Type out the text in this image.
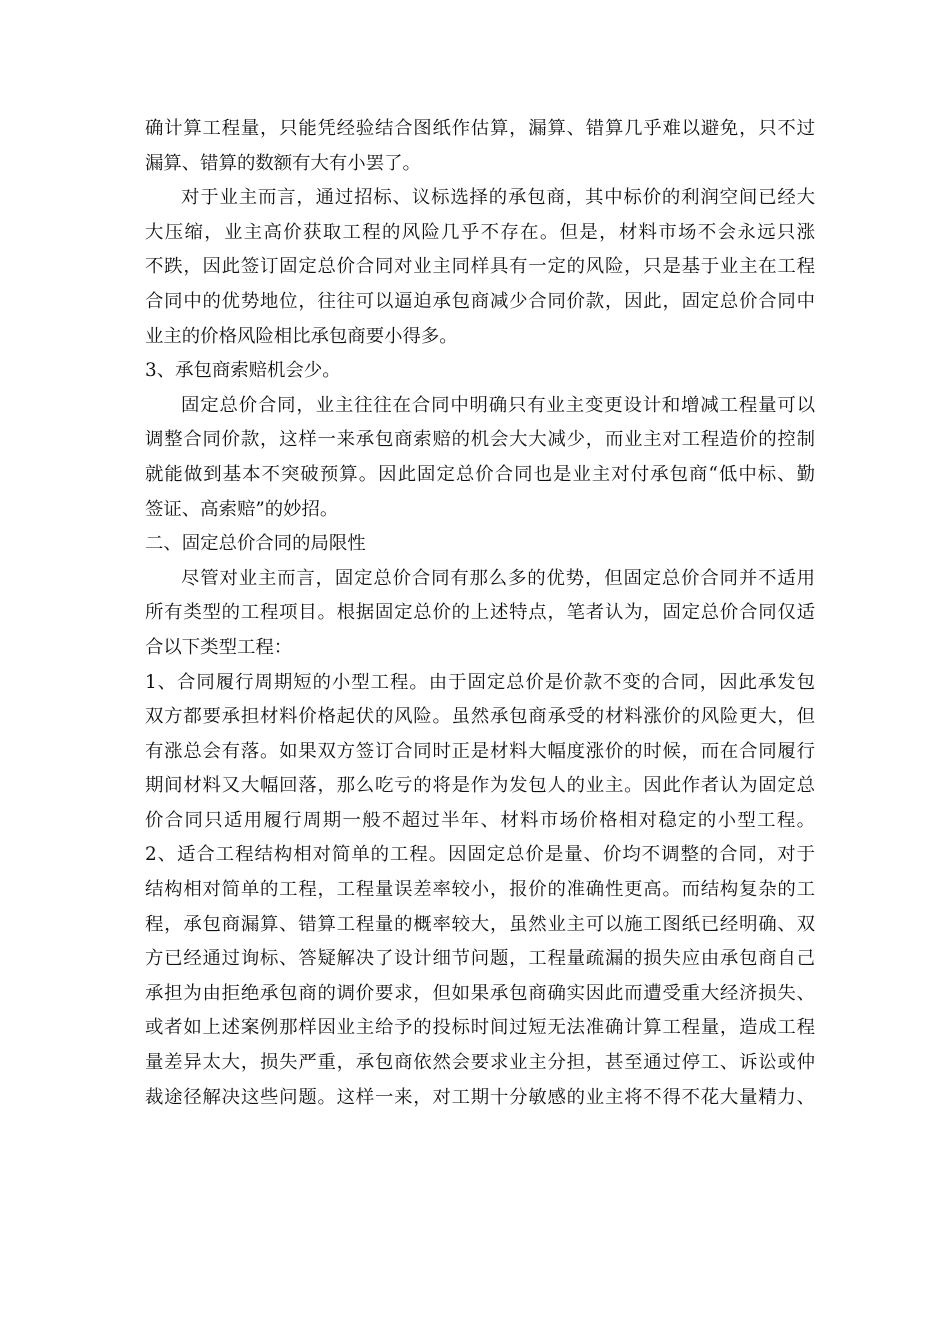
确计算工程量，只能凭经验结合图纸作估算，漏算、错算几乎难以避免，只不过
漏算、错算的数额有大有小罢了。
对于业主而言，通过招标、议标选择的承包商，其中标价的利润空间已经大
大压缩，业主高价获取工程的风险几乎不存在。但是，材料市场不会永远只涨
不跌，因此签订固定总价合同对业主同样具有一定的风险，只是基于业主在工程
合同中的优势地位，往往可以逼迫承包商减少合同价款，因此，固定总价合同中
业主的价格风险相比承包商要小得多。
3、承包商索赔机会少。
固定总价合同，业主往往在合同中明确只有业主变更设计和增减工程量可以
调整合同价款，这样一来承包商索赔的机会大大减少，而业主对工程造价的控制
就能做到基本不突破预算。因此固定总价合同也是业主对付承包商“低中标、勤
签证、高索赔”的妙招。
二、固定总价合同的局限性
尽管对业主而言，固定总价合同有那么多的优势，但固定总价合同并不适用
所有类型的工程项目。根据固定总价的上述特点，笔者认为，固定总价合同仅适
合以下类型工程：
1、合同履行周期短的小型工程。由于固定总价是价款不变的合同，因此承发包
双方都要承担材料价格起伏的风险。虽然承包商承受的材料涨价的风险更大，但
有涨总会有落。如果双方签订合同时正是材料大幅度涨价的时候，而在合同履行
期间材料又大幅回落，那么吃亏的将是作为发包人的业主。因此作者认为固定总
价合同只适用履行周期一般不超过半年、材料市场价格相对稳定的小型工程。
2、适合工程结构相对简单的工程。因固定总价是量、价均不调整的合同，对于
结构相对简单的工程，工程量误差率较小，报价的准确性更高。而结构复杂的工
程，承包商漏算、错算工程量的概率较大，虽然业主可以施工图纸已经明确、双
方已经通过询标、答疑解决了设计细节问题，工程量疏漏的损失应由承包商自己
承担为由拒绝承包商的调价要求，但如果承包商确实因此而遭受重大经济损失、
或者如上述案例那样因业主给予的投标时间过短无法准确计算工程量，造成工程
量差异太大，损失严重，承包商依然会要求业主分担，甚至通过停工、诉讼或仲
裁途径解决这些问题。这样一来，对工期十分敏感的业主将不得不花大量精力、
